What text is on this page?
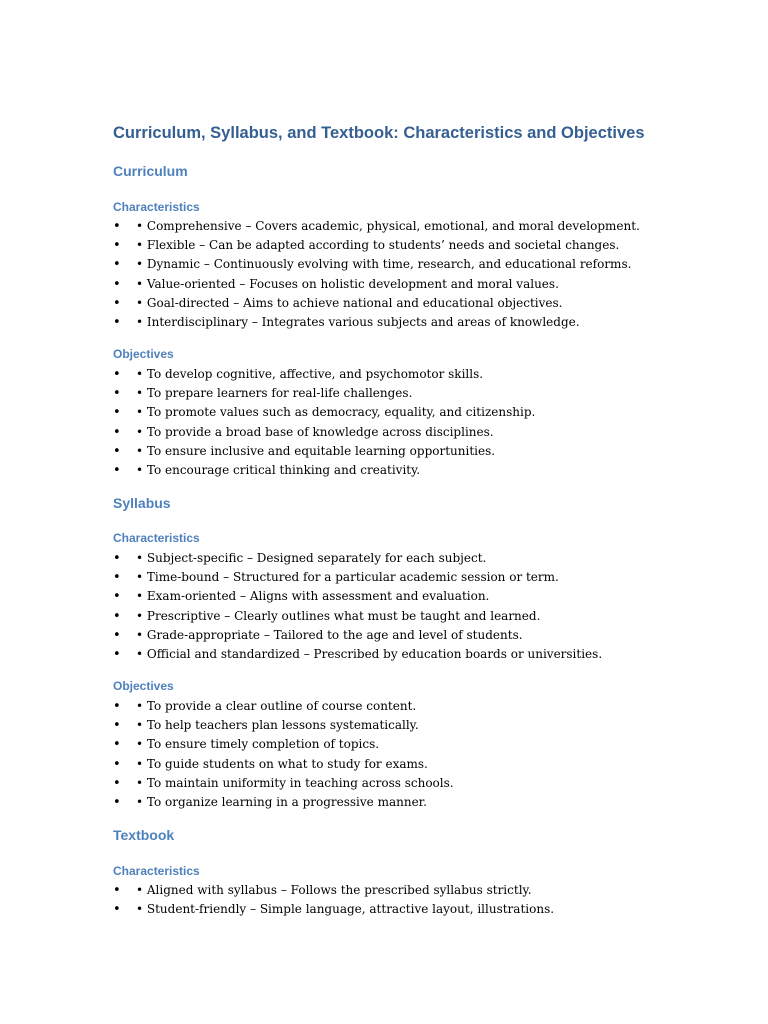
Curriculum, Syllabus, and Textbook: Characteristics and Objectives
Curriculum
Characteristics
• • Comprehensive – Covers academic, physical, emotional, and moral development.
• • Flexible – Can be adapted according to students’ needs and societal changes.
• • Dynamic – Continuously evolving with time, research, and educational reforms.
• • Value-oriented – Focuses on holistic development and moral values.
• • Goal-directed – Aims to achieve national and educational objectives.
• • Interdisciplinary – Integrates various subjects and areas of knowledge.
Objectives
• • To develop cognitive, affective, and psychomotor skills.
• • To prepare learners for real-life challenges.
• • To promote values such as democracy, equality, and citizenship.
• • To provide a broad base of knowledge across disciplines.
• • To ensure inclusive and equitable learning opportunities.
• • To encourage critical thinking and creativity.
Syllabus
Characteristics
• • Subject-specific – Designed separately for each subject.
• • Time-bound – Structured for a particular academic session or term.
• • Exam-oriented – Aligns with assessment and evaluation.
• • Prescriptive – Clearly outlines what must be taught and learned.
• • Grade-appropriate – Tailored to the age and level of students.
• • Official and standardized – Prescribed by education boards or universities.
Objectives
• • To provide a clear outline of course content.
• • To help teachers plan lessons systematically.
• • To ensure timely completion of topics.
• • To guide students on what to study for exams.
• • To maintain uniformity in teaching across schools.
• • To organize learning in a progressive manner.
Textbook
Characteristics
• • Aligned with syllabus – Follows the prescribed syllabus strictly.
• • Student-friendly – Simple language, attractive layout, illustrations.
